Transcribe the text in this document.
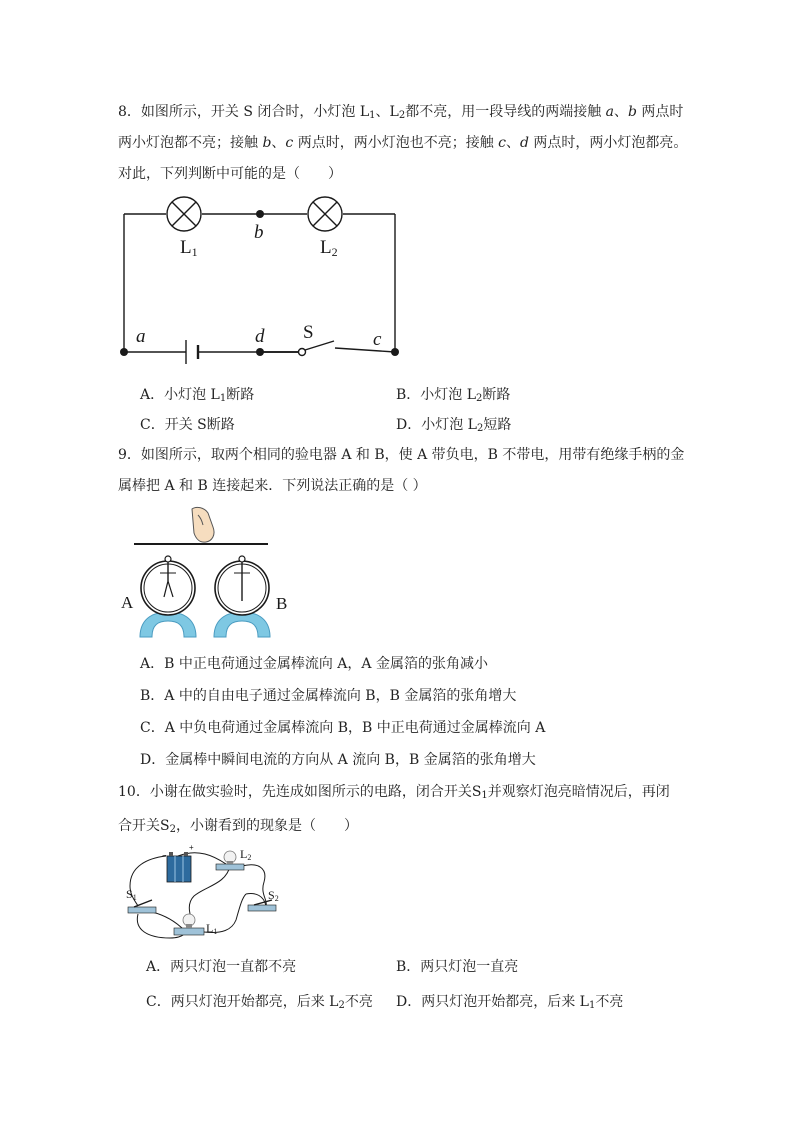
8．如图所示，开关 S 闭合时，小灯泡 $L_1$、$L_2$都不亮，用一段导线的两端接触 a、b 两点时
两小灯泡都不亮；接触 b、c 两点时，两小灯泡也不亮；接触 c、d 两点时，两小灯泡都亮。
对此，下列判断中可能的是（　　）
L1	L2
b
a	d	c
S
A．小灯泡 $L_1$断路	B．小灯泡 $L_2$断路
C．开关 S断路	D．小灯泡 $L_2$短路
9．如图所示，取两个相同的验电器 A 和 B，使 A 带负电，B 不带电，用带有绝缘手柄的金
属棒把 A 和 B 连接起来．下列说法正确的是（ ）
A	B
A．B 中正电荷通过金属棒流向 A，A 金属箔的张角减小
B．A 中的自由电子通过金属棒流向 B，B 金属箔的张角增大
C．A 中负电荷通过金属棒流向 B，B 中正电荷通过金属棒流向 A
D．金属棒中瞬间电流的方向从 A 流向 B，B 金属箔的张角增大
10．小谢在做实验时，先连成如图所示的电路，闭合开关$S_1$并观察灯泡亮暗情况后，再闭
合开关$S_2$，小谢看到的现象是（　　）
−
+	L2
L1
S1	S2
A．两只灯泡一直都不亮	B．两只灯泡一直亮
C．两只灯泡开始都亮，后来 $L_2$不亮 D．两只灯泡开始都亮，后来 $L_1$不亮
